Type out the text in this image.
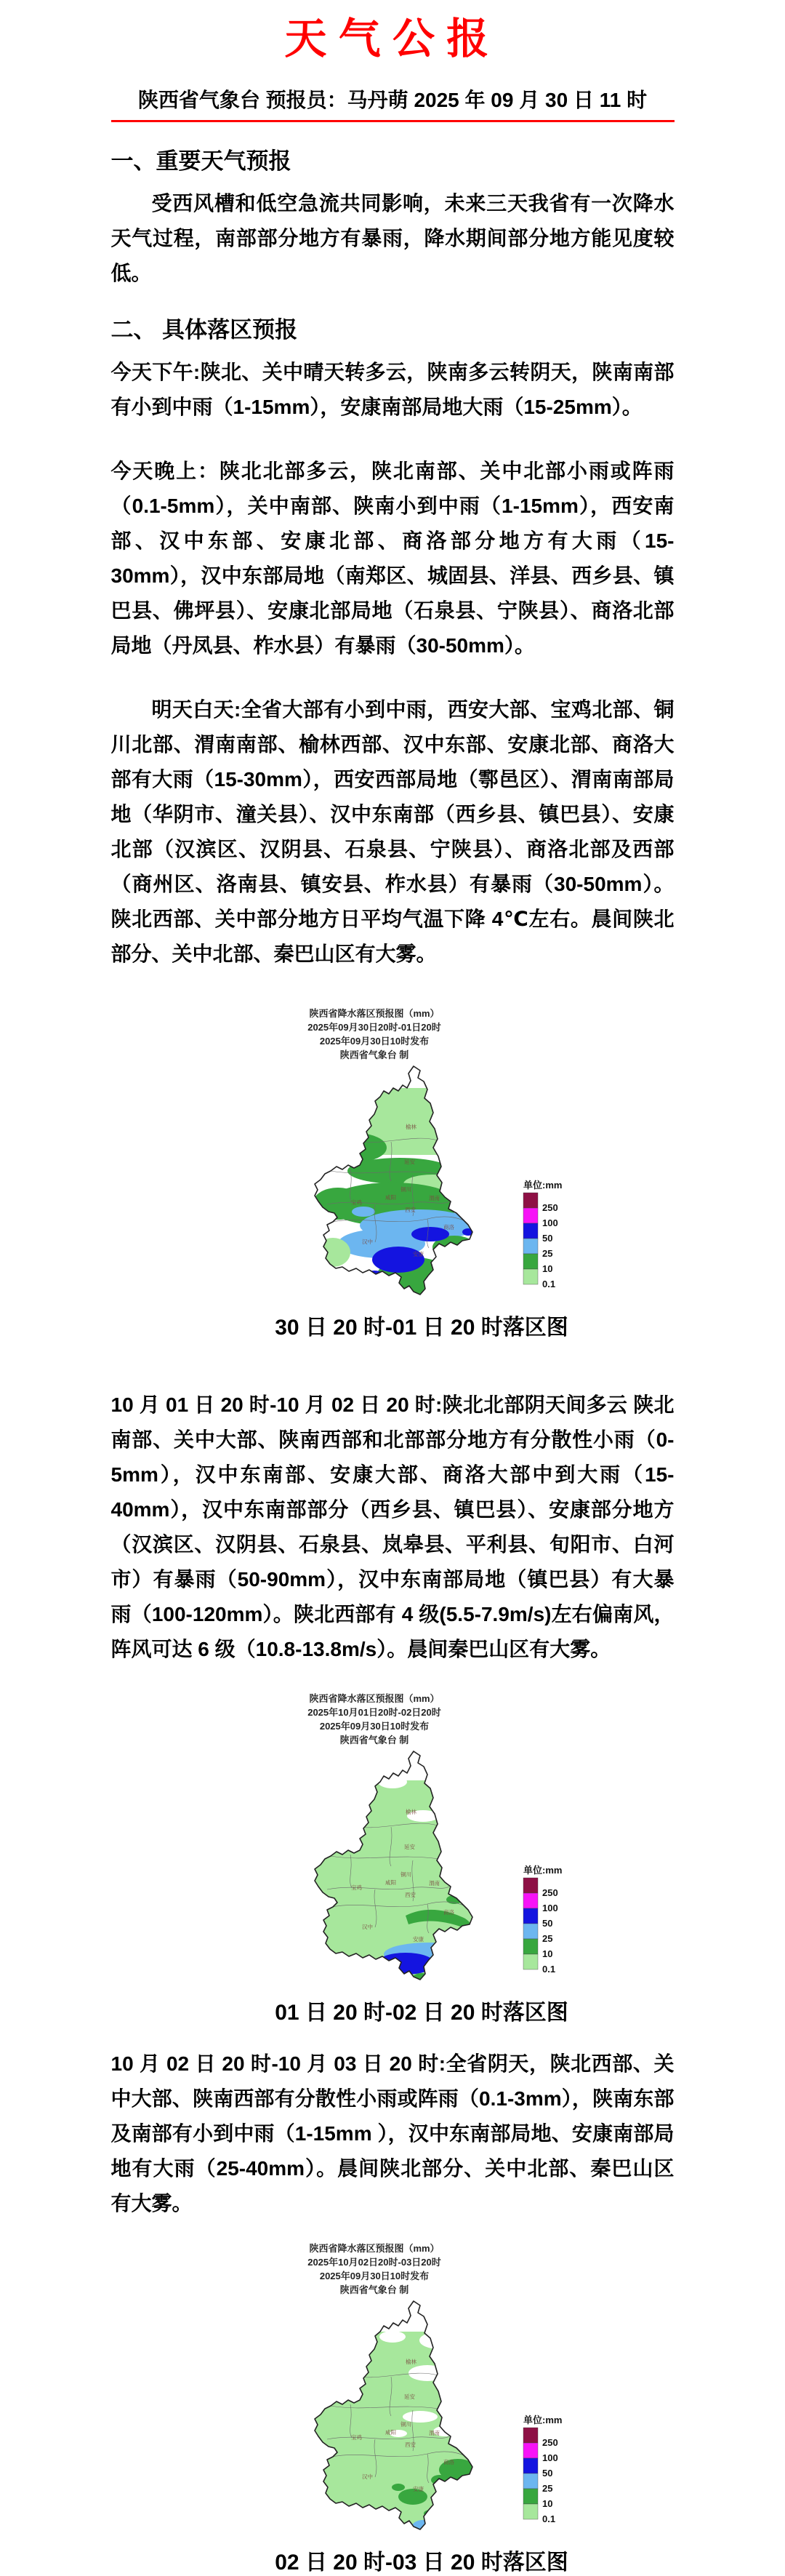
天气公报
陕西省气象台 预报员：马丹萌 2025 年 09 月 30 日 11 时
一、重要天气预报

受西风槽和低空急流共同影响，未来三天我省有一次降水天气过程，南部部分地方有暴雨，降水期间部分地方能见度较低。

二、 具体落区预报

今天下午:陕北、关中晴天转多云，陕南多云转阴天，陕南南部有小到中雨（1-15mm），安康南部局地大雨（15-25mm）。

今天晚上：陕北北部多云，陕北南部、关中北部小雨或阵雨（0.1-5mm），关中南部、陕南小到中雨（1-15mm），西安南部、汉中东部、安康北部、商洛部分地方有大雨（15-30mm），汉中东部局地（南郑区、城固县、洋县、西乡县、镇巴县、佛坪县）、安康北部局地（石泉县、宁陕县）、商洛北部局地（丹凤县、柞水县）有暴雨（30-50mm）。

明天白天:全省大部有小到中雨，西安大部、宝鸡北部、铜川北部、渭南南部、榆林西部、汉中东部、安康北部、商洛大部有大雨（15-30mm），西安西部局地（鄠邑区）、渭南南部局地（华阴市、潼关县）、汉中东南部（西乡县、镇巴县）、安康北部（汉滨区、汉阴县、石泉县、宁陕县）、商洛北部及西部（商州区、洛南县、镇安县、柞水县）有暴雨（30-50mm）。陕北西部、关中部分地方日平均气温下降 4℃左右。晨间陕北部分、关中北部、秦巴山区有大雾。

陕西省降水落区预报图（mm）
2025年09月30日20时-01日20时
2025年09月30日10时发布
陕西省气象台 制
榆林
延安
铜川
渭南
咸阳
西安
宝鸡
汉中
安康
商洛
单位:mm
250
100
50
25
10
0.1
30 日 20 时-01 日 20 时落区图

10 月 01 日 20 时-10 月 02 日 20 时:陕北北部阴天间多云 陕北南部、关中大部、陕南西部和北部部分地方有分散性小雨（0-5mm），汉中东南部、安康大部、商洛大部中到大雨（15-40mm），汉中东南部部分（西乡县、镇巴县）、安康部分地方（汉滨区、汉阴县、石泉县、岚皋县、平利县、旬阳市、白河市）有暴雨（50-90mm），汉中东南部局地（镇巴县）有大暴雨（100-120mm）。陕北西部有 4 级(5.5-7.9m/s)左右偏南风，阵风可达 6 级（10.8-13.8m/s）。晨间秦巴山区有大雾。

陕西省降水落区预报图（mm）
2025年10月01日20时-02日20时
2025年09月30日10时发布
陕西省气象台 制
榆林
延安
铜川
渭南
咸阳
西安
宝鸡
汉中
安康
商洛
单位:mm
250
100
50
25
10
0.1
01 日 20 时-02 日 20 时落区图

10 月 02 日 20 时-10 月 03 日 20 时:全省阴天，陕北西部、关中大部、陕南西部有分散性小雨或阵雨（0.1-3mm），陕南东部及南部有小到中雨（1-15mm ），汉中东南部局地、安康南部局地有大雨（25-40mm）。晨间陕北部分、关中北部、秦巴山区有大雾。

陕西省降水落区预报图（mm）
2025年10月02日20时-03日20时
2025年09月30日10时发布
陕西省气象台 制
榆林
延安
铜川
渭南
咸阳
西安
宝鸡
汉中
安康
商洛
单位:mm
250
100
50
25
10
0.1
02 日 20 时-03 日 20 时落区图
